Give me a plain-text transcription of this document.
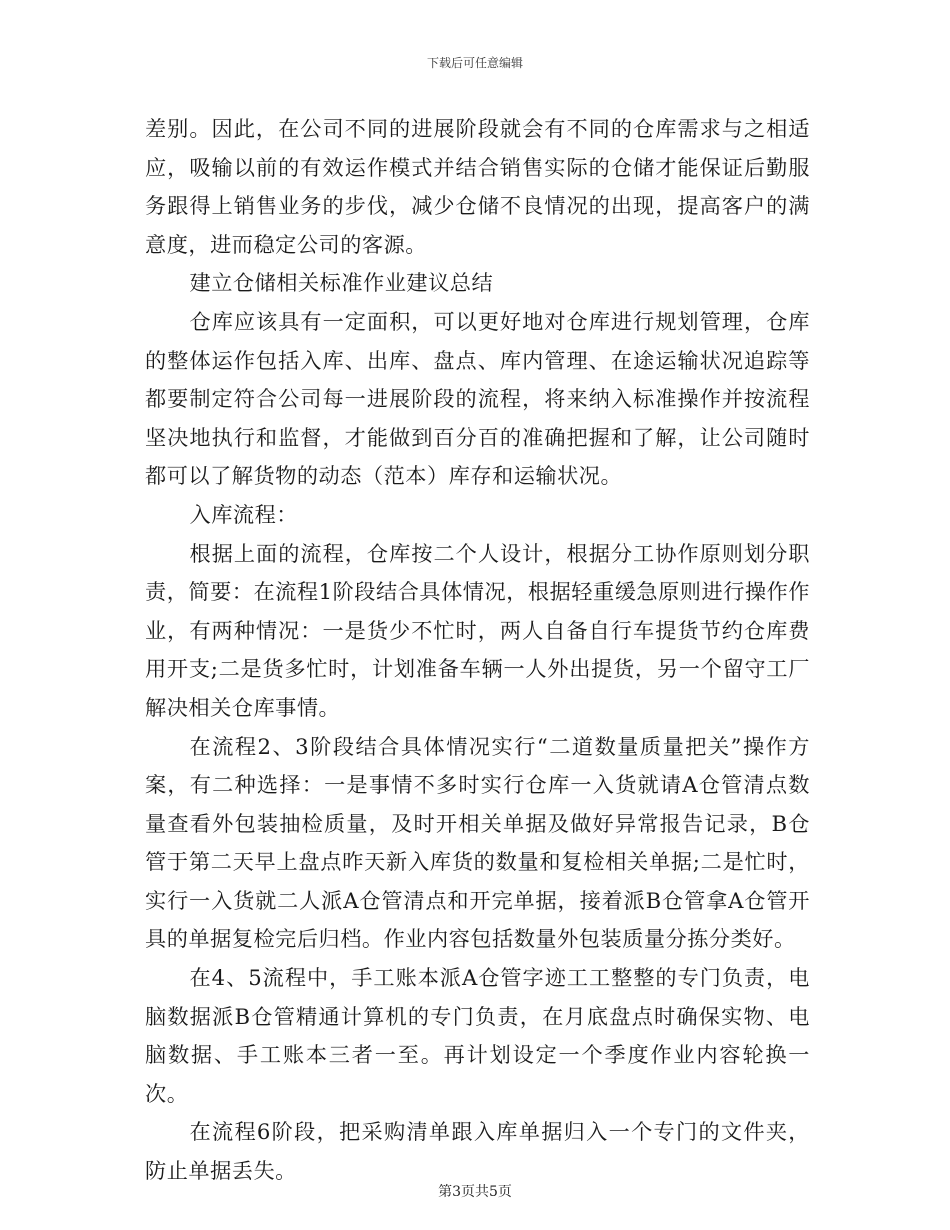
下载后可任意编辑

差别。因此，在公司不同的进展阶段就会有不同的仓库需求与之相适应，吸输以前的有效运作模式并结合销售实际的仓储才能保证后勤服务跟得上销售业务的步伐，减少仓储不良情况的出现，提高客户的满意度，进而稳定公司的客源。

建立仓储相关标准作业建议总结

仓库应该具有一定面积，可以更好地对仓库进行规划管理，仓库的整体运作包括入库、出库、盘点、库内管理、在途运输状况追踪等都要制定符合公司每一进展阶段的流程，将来纳入标准操作并按流程坚决地执行和监督，才能做到百分百的准确把握和了解，让公司随时都可以了解货物的动态（范本）库存和运输状况。

入库流程：

根据上面的流程，仓库按二个人设计，根据分工协作原则划分职责，简要：在流程1阶段结合具体情况，根据轻重缓急原则进行操作作业，有两种情况：一是货少不忙时，两人自备自行车提货节约仓库费用开支;二是货多忙时，计划准备车辆一人外出提货，另一个留守工厂解决相关仓库事情。

在流程2、3阶段结合具体情况实行“二道数量质量把关”操作方案，有二种选择：一是事情不多时实行仓库一入货就请A仓管清点数量查看外包装抽检质量，及时开相关单据及做好异常报告记录，B仓管于第二天早上盘点昨天新入库货的数量和复检相关单据;二是忙时，实行一入货就二人派A仓管清点和开完单据，接着派B仓管拿A仓管开具的单据复检完后归档。作业内容包括数量外包装质量分拣分类好。

在4、5流程中，手工账本派A仓管字迹工工整整的专门负责，电脑数据派B仓管精通计算机的专门负责，在月底盘点时确保实物、电脑数据、手工账本三者一至。再计划设定一个季度作业内容轮换一次。

在流程6阶段，把采购清单跟入库单据归入一个专门的文件夹，防止单据丢失。

第3页共5页
